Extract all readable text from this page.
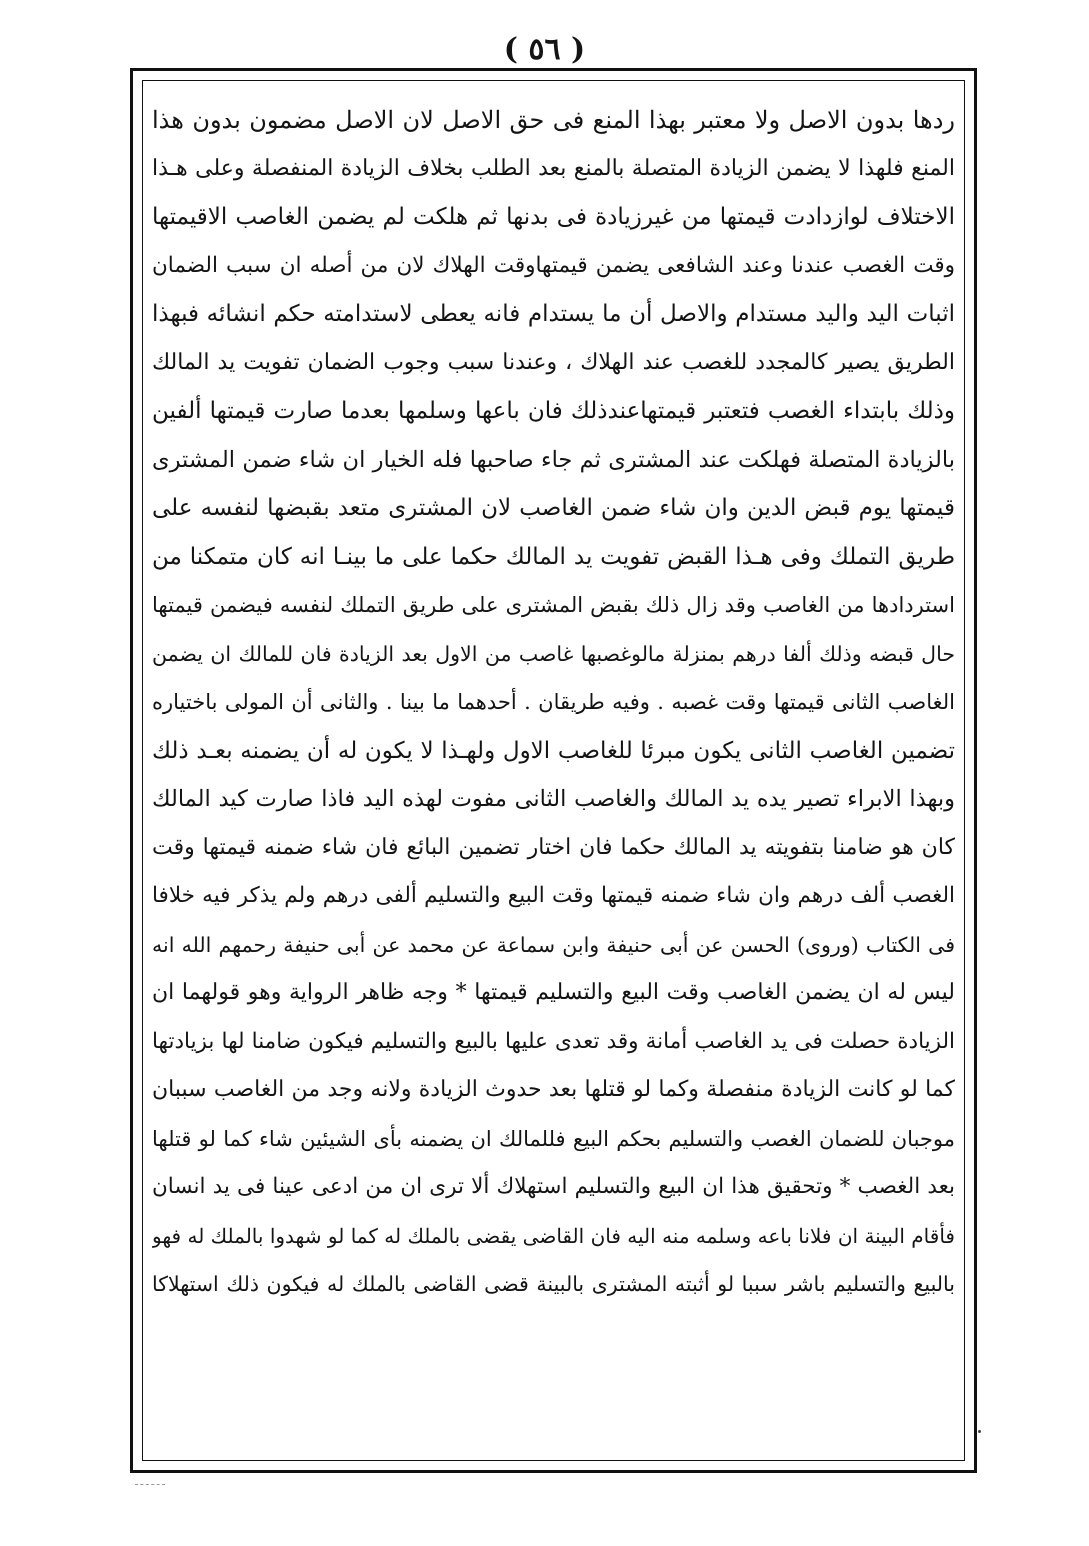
( ٥٦ )
ردها بدون الاصل ولا معتبر بهذا المنع فى حق الاصل لان الاصل مضمون بدون هذا
المنع فلهذا لا يضمن الزيادة المتصلة بالمنع بعد الطلب بخلاف الزيادة المنفصلة وعلى هـذا
الاختلاف لوازدادت قيمتها من غيرزيادة فى بدنها ثم هلكت لم يضمن الغاصب الاقيمتها
وقت الغصب عندنا وعند الشافعى يضمن قيمتهاوقت الهلاك لان من أصله ان سبب الضمان
اثبات اليد واليد مستدام والاصل أن ما يستدام فانه يعطى لاستدامته حكم انشائه فبهذا
الطريق يصير كالمجدد للغصب عند الهلاك ، وعندنا سبب وجوب الضمان تفويت يد المالك
وذلك بابتداء الغصب فتعتبر قيمتهاعندذلك فان باعها وسلمها بعدما صارت قيمتها ألفين
بالزيادة المتصلة فهلكت عند المشترى ثم جاء صاحبها فله الخيار ان شاء ضمن المشترى
قيمتها يوم قبض الدين وان شاء ضمن الغاصب لان المشترى متعد بقبضها لنفسه على
طريق التملك وفى هـذا القبض تفويت يد المالك حكما على ما بينـا انه كان متمكنا من
استردادها من الغاصب وقد زال ذلك بقبض المشترى على طريق التملك لنفسه فيضمن قيمتها
حال قبضه وذلك ألفا درهم بمنزلة مالوغصبها غاصب من الاول بعد الزيادة فان للمالك ان يضمن
الغاصب الثانى قيمتها وقت غصبه . وفيه طريقان . أحدهما ما بينا . والثانى أن المولى باختياره
تضمين الغاصب الثانى يكون مبرئا للغاصب الاول ولهـذا لا يكون له أن يضمنه بعـد ذلك
وبهذا الابراء تصير يده يد المالك والغاصب الثانى مفوت لهذه اليد فاذا صارت كيد المالك
كان هو ضامنا بتفويته يد المالك حكما فان اختار تضمين البائع فان شاء ضمنه قيمتها وقت
الغصب ألف درهم وان شاء ضمنه قيمتها وقت البيع والتسليم ألفى درهم ولم يذكر فيه خلافا
فى الكتاب (وروى) الحسن عن أبى حنيفة وابن سماعة عن محمد عن أبى حنيفة رحمهم الله انه
ليس له ان يضمن الغاصب وقت البيع والتسليم قيمتها * وجه ظاهر الرواية وهو قولهما ان
الزيادة حصلت فى يد الغاصب أمانة وقد تعدى عليها بالبيع والتسليم فيكون ضامنا لها بزيادتها
كما لو كانت الزيادة منفصلة وكما لو قتلها بعد حدوث الزيادة ولانه وجد من الغاصب سببان
موجبان للضمان الغصب والتسليم بحكم البيع فللمالك ان يضمنه بأى الشيئين شاء كما لو قتلها
بعد الغصب * وتحقيق هذا ان البيع والتسليم استهلاك ألا ترى ان من ادعى عينا فى يد انسان
فأقام البينة ان فلانا باعه وسلمه منه اليه فان القاضى يقضى بالملك له كما لو شهدوا بالملك له فهو
بالبيع والتسليم باشر سببا لو أثبته المشترى بالبينة قضى القاضى بالملك له فيكون ذلك استهلاكا
